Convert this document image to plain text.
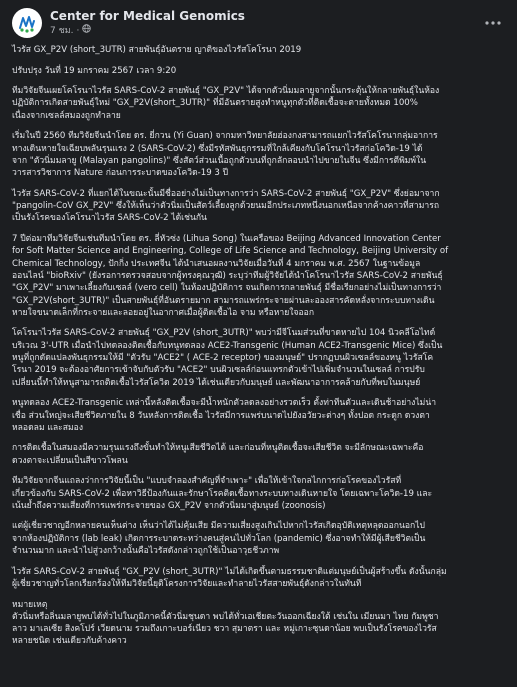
Center for Medical Genomics
7 ชม. ·

ไวรัส GX_P2V (short_3UTR) สายพันธุ์อันตราย ญาติของไวรัสโคโรนา 2019

ปรับปรุง วันที่ 19 มกราคม 2567 เวลา 9:20

ทีมวิจัยจีนเผยโคโรนาไวรัส SARS-CoV-2 สายพันธุ์ "GX_P2V" ได้จากตัวนิ่มมลายูจากนั้นกระตุ้นให้กลายพันธุ์ในห้อง
ปฏิบัติการเกิดสายพันธุ์ใหม่ "GX_P2V(short_3UTR)" ที่มีอันตรายสูงทำหนูทุกตัวที่ติดเชื้อจะตายทั้งหมด 100%
เนื่องจากเซลล์สมองถูกทำลาย

เริ่มในปี 2560 ทีมวิจัยจีนนำโดย ดร. ยี่กวน (Yi Guan) จากมหาวิทยาลัยฮ่องกงสามารถแยกไวรัสโคโรนากลุ่มอาการ
ทางเดินหายใจเฉียบพลันรุนแรง 2 (SARS-CoV-2) ซึ่งมีรหัสพันธุกรรมที่ใกล้เคียงกับโคโรนาไวรัสก่อโควิด-19 ได้
จาก "ตัวนิ่มมลายู (Malayan pangolins)" ซึ่งสัตว์ส่วนเนื้อถูกตัวบนที่ถูกลักลอบนำไปขายในจีน ซึ่งมีการตีพิมพ์ใน
วารสารวิชาการ Nature ก่อนการระบาดของโควิด-19 3 ปี

ไวรัส SARS-CoV-2 ที่แยกได้ในขณะนั้นมีชื่ออย่างไม่เป็นทางการว่า SARS-CoV-2 สายพันธุ์ "GX_P2V" ซึ่งย่อมาจาก
"pangolin-CoV GX_P2V" ซึ่งให้เห็นว่าตัวนิ่มเป็นสัตว์เลี้ยงลูกด้วยนมอีกประเภทหนึ่งนอกเหนือจากค้างคาวที่สามารถ
เป็นรังโรคของโคโรนาไวรัส SARS-CoV-2 ได้เช่นกัน

7 ปีต่อมาทีมวิจัยจีนเช่นทีมนำโดย ดร. ลี่หัวซ่ง (Lihua Song) ในเครือของ Beijing Advanced Innovation Center
for Soft Matter Science and Engineering, College of Life Science and Technology, Beijing University of
Chemical Technology, ปักกิ่ง ประเทศจีน ได้นำเสนอผลงานวิจัยเมื่อวันที่ 4 มกราคม พ.ศ. 2567 ในฐานข้อมูล
ออนไลน์ "bioRxiv" (ยังรอการตรวจสอบจากผู้ทรงคุณวุฒิ) ระบุว่าทีมผู้วิจัยได้นำโคโรนาไวรัส SARS-CoV-2 สายพันธุ์
"GX_P2V" มาเพาะเลี้ยงกับเซลล์ (vero cell) ในห้องปฏิบัติการ จนเกิดการกลายพันธุ์ มีชื่อเรียกอย่างไม่เป็นทางการว่า
"GX_P2V(short_3UTR)" เป็นสายพันธุ์ที่อันตรายมาก สามารถแพร่กระจายผ่านละอองสารคัดหลั่งจากระบบทางเดิน
หายใจขนาดเล็กที่กระจายและลอยอยู่ในอากาศเมื่อผู้ติดเชื้อไอ จาม หรือหายใจออก

โคโรนาไวรัส SARS-CoV-2 สายพันธุ์ "GX_P2V (short_3UTR)" พบว่ามีจีโนมส่วนที่ขาดหายไป 104 นิวคลีโอไทด์
บริเวณ 3'-UTR เมื่อนำไปทดลองติดเชื้อกับหนูทดลอง ACE2-Transgenic (Human ACE2-Transgenic Mice) ซึ่งเป็น
หนูที่ถูกดัดแปลงพันธุกรรมให้มี "ตัวรับ "ACE2" ( ACE-2 receptor) ของมนุษย์" ปรากฏบนผิวเซลล์ของหนู ไวรัสโค
โรนา 2019 จะต้องอาศัยการเข้าจับกับตัวรับ "ACE2" บนผิวเซลล์ก่อนแทรกตัวเข้าไปเพิ่มจำนวนในเซลล์ การปรับ
เปลี่ยนนี้ทำให้หนูสามารถติดเชื้อไวรัสโควิด 2019 ได้เช่นเดียวกับมนุษย์ และพัฒนาอาการคล้ายกับที่พบในมนุษย์

หนูทดลอง ACE2-Transgenic เหล่านี้หลังติดเชื้อจะมีน้ำหนักตัวลดลงอย่างรวดเร็ว ตั้งท่าทีนตัวและเดินช้าอย่างไม่น่า
เชื่อ ส่วนใหญ่จะเสียชีวิตภายใน 8 วันหลังการติดเชื้อ ไวรัสมีการแพร่บนาดไปยังอวัยวะต่างๆ ทั้งปอด กระดูก ดวงตา
หลอดลม และสมอง

การติดเชื้อในสมองมีความรุนแรงถึงขั้นทำให้หนูเสียชีวิตได้ และก่อนที่หนูติดเชื้อจะเสียชีวิต จะมีลักษณะเฉพาะคือ
ดวงตาจะเปลี่ยนเป็นสีขาวโพลน

ทีมวิจัยจากจีนแถลงว่าการวิจัยนี้เป็น "แบบจำลองสำคัญที่จำเพาะ" เพื่อให้เข้าใจกลไกการก่อโรคของไวรัสที่
เกี่ยวข้องกับ SARS-CoV-2 เพื่อหาวิธีป้องกันและรักษาโรคติดเชื้อทางระบบทางเดินหายใจ โดยเฉพาะโควิด-19 และ
เน้นย้ำถึงความเสี่ยงที่การแพร่กระจายของ GX_P2V จากตัวนิ่มมาสู่มนุษย์ (zoonosis)

แต่ผู้เชี่ยวชาญอีกหลายคนเห็นต่าง เห็นว่าได้ไม่คุ้มเสีย มีความเสี่ยงสูงเกินไปหากไวรัสเกิดอุบัติเหตุหลุดออกนอกไป
จากห้องปฏิบัติการ (lab leak) เกิดการระบาดระหว่างคนสู่คนไปทั่วโลก (pandemic) ซึ่งอาจทำให้มีผู้เสียชีวิตเป็น
จำนวนมาก และนำไปสู่วงกว้างนั้นคือไวรัสดังกล่าวถูกใช้เป็นอาวุธชีวภาพ

ไวรัส SARS-CoV-2 สายพันธุ์ "GX_P2V (short_3UTR)" ไม่ได้เกิดขึ้นตามธรรมชาติแต่มนุษย์เป็นผู้สร้างขึ้น ดังนั้นกลุ่ม
ผู้เชี่ยวชาญทั่วโลกเรียกร้องให้ทีมวิจัยนี้ยุติโครงการวิจัยและทำลายไวรัสสายพันธุ์ดังกล่าวในทันที

หมายเหตุ

ตัวนิ่มหรือลิ่นมลายูพบได้ทั่วไปในภูมิภาคนี้ตัวนิ่มชุนดา พบได้ทั่วเอเชียตะวันออกเฉียงใต้ เช่นใน เมียนมา ไทย กัมพูชา
ลาว มาเลเซีย สิงคโปร์ เวียดนาม รวมถึงเกาะบอร์เนียว ชวา สุมาตรา และ หมู่เกาะซุนดาน้อย พบเป็นรังโรคของไวรัส
หลายชนิด เช่นเดียวกับค้างคาว
